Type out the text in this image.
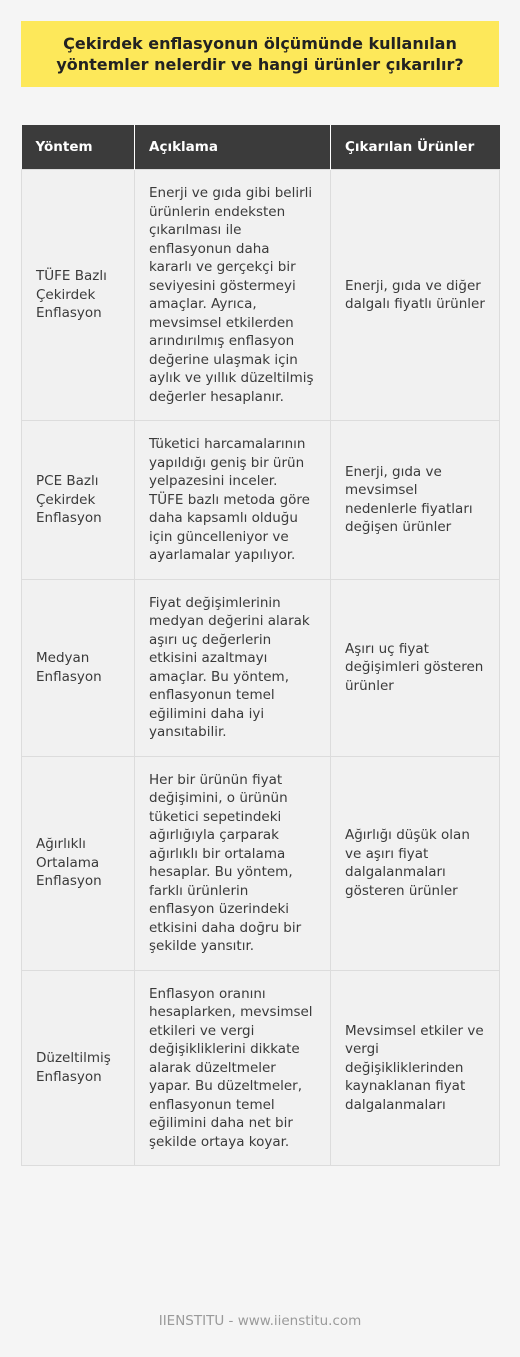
Çekirdek enflasyonun ölçümünde kullanılan yöntemler nelerdir ve hangi ürünler çıkarılır?
Yöntem	Açıklama	Çıkarılan Ürünler
TÜFE Bazlı Çekirdek Enflasyon	Enerji ve gıda gibi belirli ürünlerin endeksten çıkarılması ile enflasyonun daha kararlı ve gerçekçi bir seviyesini göstermeyi amaçlar. Ayrıca, mevsimsel etkilerden arındırılmış enflasyon değerine ulaşmak için aylık ve yıllık düzeltilmiş değerler hesaplanır.	Enerji, gıda ve diğer dalgalı fiyatlı ürünler
PCE Bazlı Çekirdek Enflasyon	Tüketici harcamalarının yapıldığı geniş bir ürün yelpazesini inceler. TÜFE bazlı metoda göre daha kapsamlı olduğu için güncelleniyor ve ayarlamalar yapılıyor.	Enerji, gıda ve mevsimsel nedenlerle fiyatları değişen ürünler
Medyan Enflasyon	Fiyat değişimlerinin medyan değerini alarak aşırı uç değerlerin etkisini azaltmayı amaçlar. Bu yöntem, enflasyonun temel eğilimini daha iyi yansıtabilir.	Aşırı uç fiyat değişimleri gösteren ürünler
Ağırlıklı Ortalama Enflasyon	Her bir ürünün fiyat değişimini, o ürünün tüketici sepetindeki ağırlığıyla çarparak ağırlıklı bir ortalama hesaplar. Bu yöntem, farklı ürünlerin enflasyon üzerindeki etkisini daha doğru bir şekilde yansıtır.	Ağırlığı düşük olan ve aşırı fiyat dalgalanmaları gösteren ürünler
Düzeltilmiş Enflasyon	Enflasyon oranını hesaplarken, mevsimsel etkileri ve vergi değişikliklerini dikkate alarak düzeltmeler yapar. Bu düzeltmeler, enflasyonun temel eğilimini daha net bir şekilde ortaya koyar.	Mevsimsel etkiler ve vergi değişikliklerinden kaynaklanan fiyat dalgalanmaları
IIENSTITU - www.iienstitu.com
